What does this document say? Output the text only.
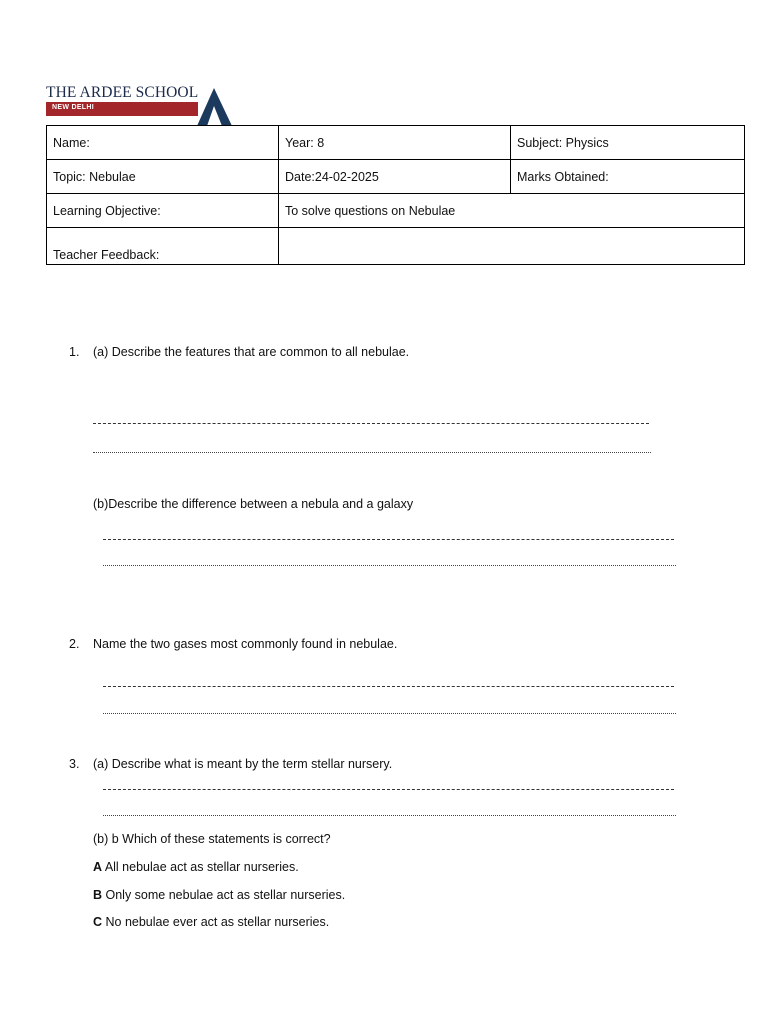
THE ARDEE SCHOOL
NEW DELHI
Name:	Year: 8	Subject: Physics
Topic: Nebulae	Date:24-02-2025	Marks Obtained:
Learning Objective:	To solve questions on Nebulae	
Teacher Feedback:		
1. (a) Describe the features that are common to all nebulae.
(b)Describe the difference between a nebula and a galaxy
2. Name the two gases most commonly found in nebulae.
3. (a) Describe what is meant by the term stellar nursery.
(b) b Which of these statements is correct?
A All nebulae act as stellar nurseries.
B Only some nebulae act as stellar nurseries.
C No nebulae ever act as stellar nurseries.
